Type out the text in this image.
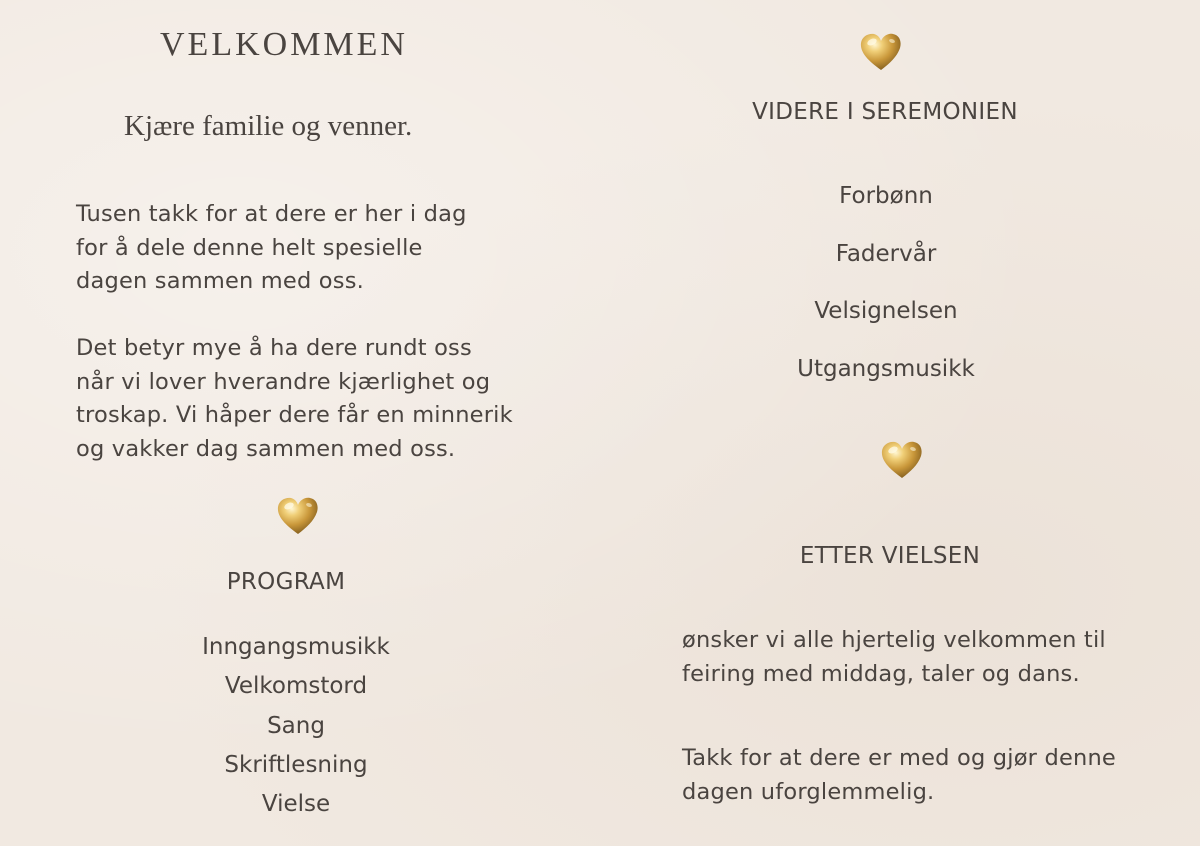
VELKOMMEN
Kjære familie og venner.
Tusen takk for at dere er her i dag
for å dele denne helt spesielle
dagen sammen med oss.
Det betyr mye å ha dere rundt oss
når vi lover hverandre kjærlighet og
troskap. Vi håper dere får en minnerik
og vakker dag sammen med oss.
PROGRAM
Inngangsmusikk
Velkomstord
Sang
Skriftlesning
Vielse
VIDERE I SEREMONIEN
Forbønn
Fadervår
Velsignelsen
Utgangsmusikk
ETTER VIELSEN
ønsker vi alle hjertelig velkommen til
feiring med middag, taler og dans.
Takk for at dere er med og gjør denne
dagen uforglemmelig.
